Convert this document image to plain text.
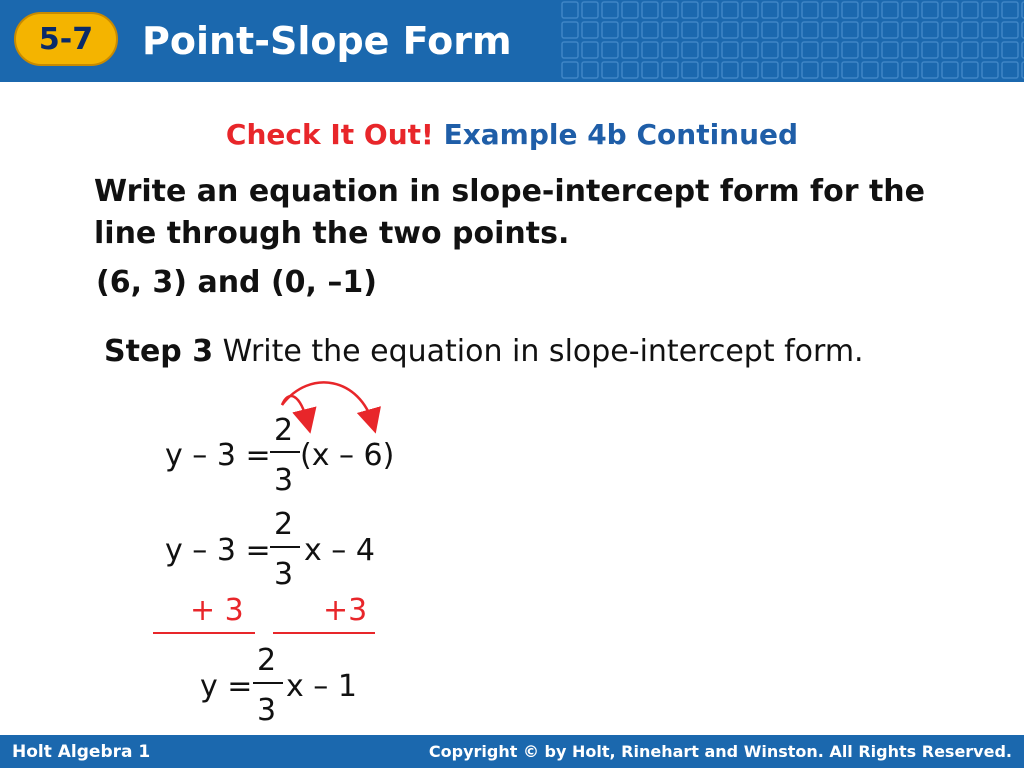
5-7	Point-Slope Form
Check It Out! Example 4b Continued
Write an equation in slope-intercept form for the line through the two points.
(6, 3) and (0, –1)
Step 3 Write the equation in slope-intercept form.
y – 3 =
2
3
(x – 6)
y – 3 =
2
3
x – 4
+ 3	+3
y =
2
3
x – 1
Holt Algebra 1	Copyright © by Holt, Rinehart and Winston. All Rights Reserved.
